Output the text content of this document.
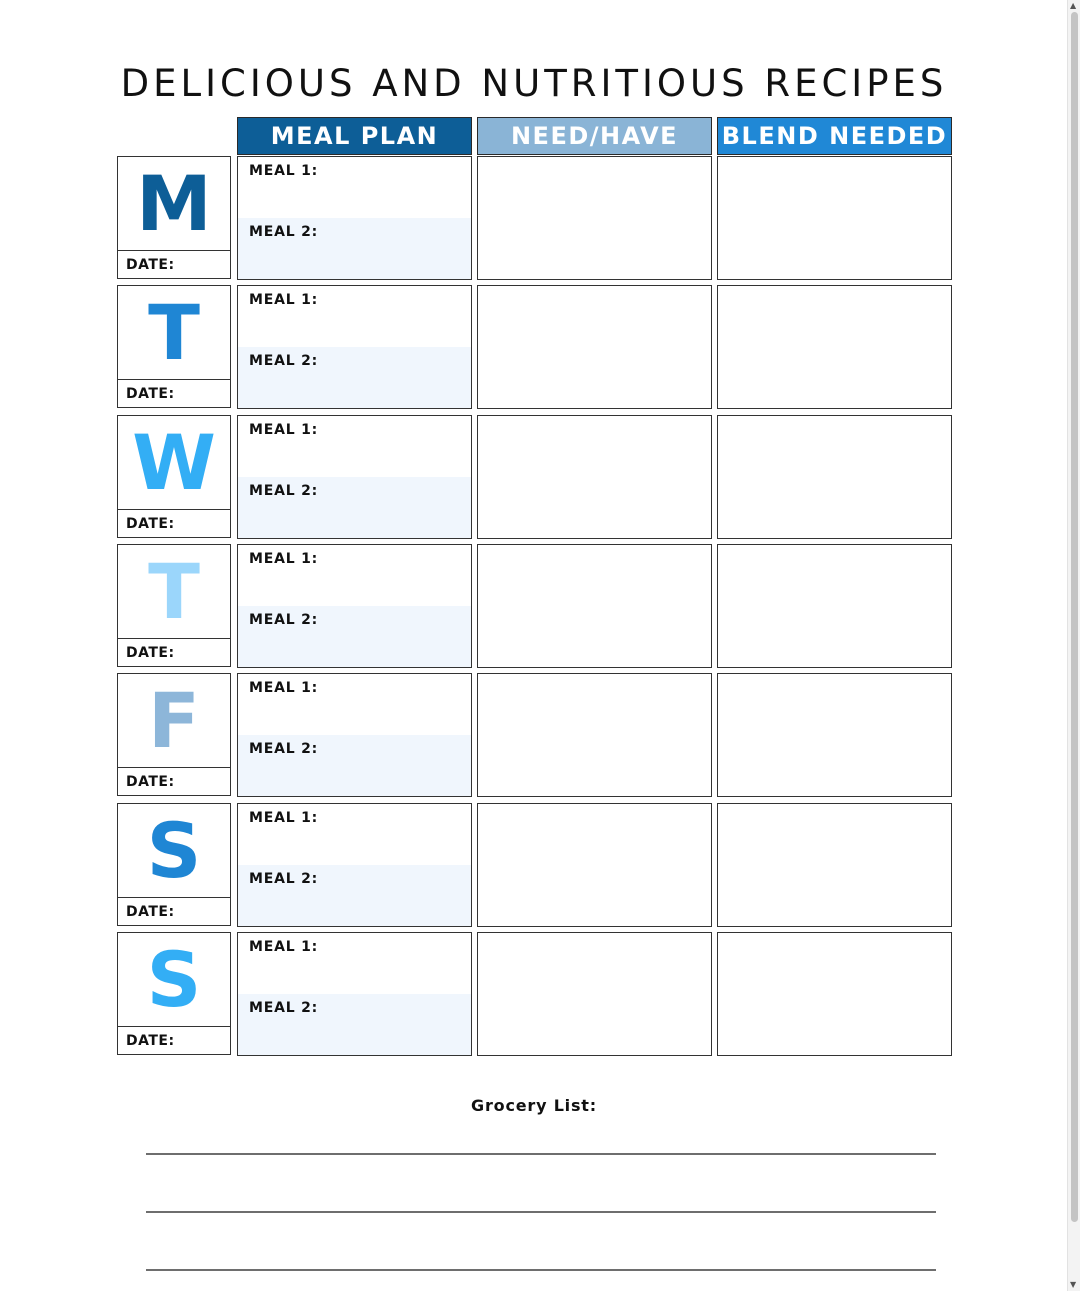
DELICIOUS AND NUTRITIOUS RECIPES
MEAL PLAN	NEED/HAVE	BLEND NEEDED
M
DATE:
MEAL 1:
MEAL 2:
T
DATE:
MEAL 1:
MEAL 2:
W
DATE:
MEAL 1:
MEAL 2:
T
DATE:
MEAL 1:
MEAL 2:
F
DATE:
MEAL 1:
MEAL 2:
S
DATE:
MEAL 1:
MEAL 2:
S
DATE:
MEAL 1:
MEAL 2:
Grocery List:
▲
▼
